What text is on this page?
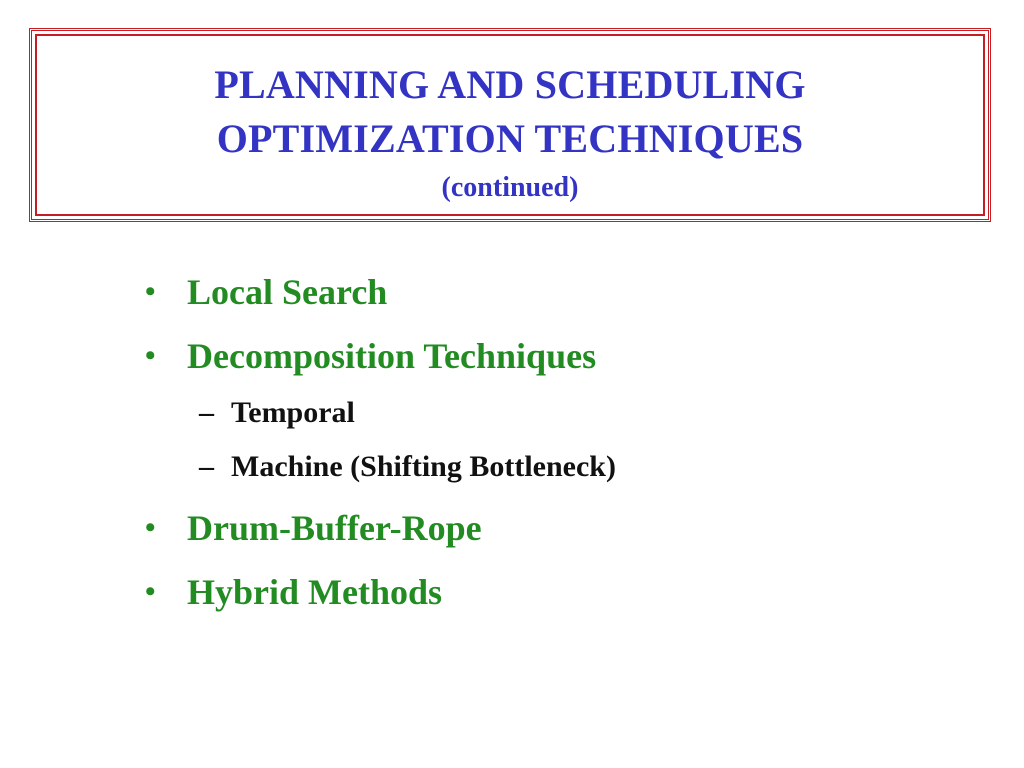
PLANNING AND SCHEDULING
OPTIMIZATION TECHNIQUES
(continued)
• Local Search
• Decomposition Techniques
– Temporal
– Machine (Shifting Bottleneck)
• Drum-Buffer-Rope
• Hybrid Methods
